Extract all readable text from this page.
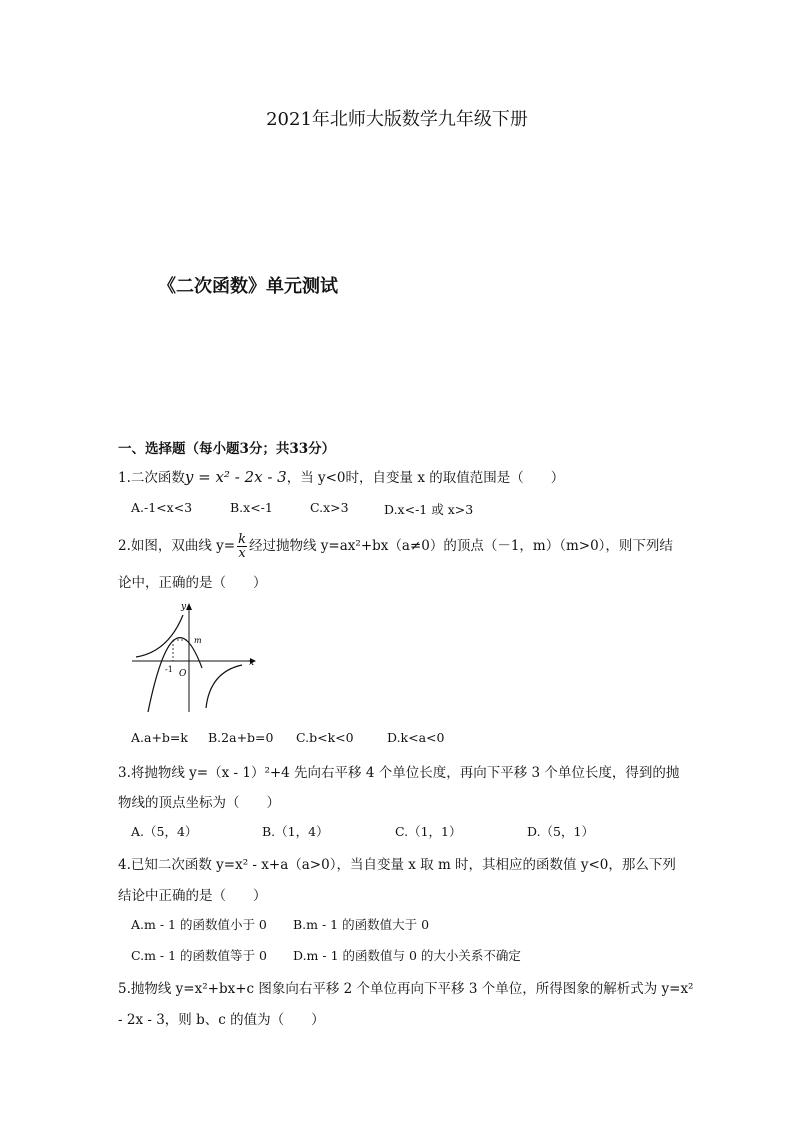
2021年北师大版数学九年级下册
《二次函数》单元测试
一、选择题（每小题3分；共33分）
1.二次函数y = x² - 2x - 3，当 y<0时，自变量 x 的取值范围是（　　）
A.-1<x<3	B.x<-1	C.x>3	D.x<-1 或 x>3
2.如图，双曲线 $y= \frac{k}{x}$ 经过抛物线 y=ax²+bx（a≠0）的顶点（－1，m）（m>0），则下列结
论中，正确的是（　　）
y
x
m
-1 O
A.a+b=k B.2a+b=0 C.b<k<0	D.k<a<0
3.将抛物线 y=（x - 1）²+4 先向右平移 4 个单位长度，再向下平移 3 个单位长度，得到的抛
物线的顶点坐标为（　　）
A.（5，4）	B.（1，4）	C.（1，1）	D.（5，1）
4.已知二次函数 y=x² - x+a（a>0），当自变量 x 取 m 时，其相应的函数值 y<0，那么下列
结论中正确的是（　　）
A.m - 1 的函数值小于 0 B.m - 1 的函数值大于 0
C.m - 1 的函数值等于 0 D.m - 1 的函数值与 0 的大小关系不确定
5.抛物线 y=x²+bx+c 图象向右平移 2 个单位再向下平移 3 个单位，所得图象的解析式为 y=x²
- 2x - 3，则 b、c 的值为（　　）
